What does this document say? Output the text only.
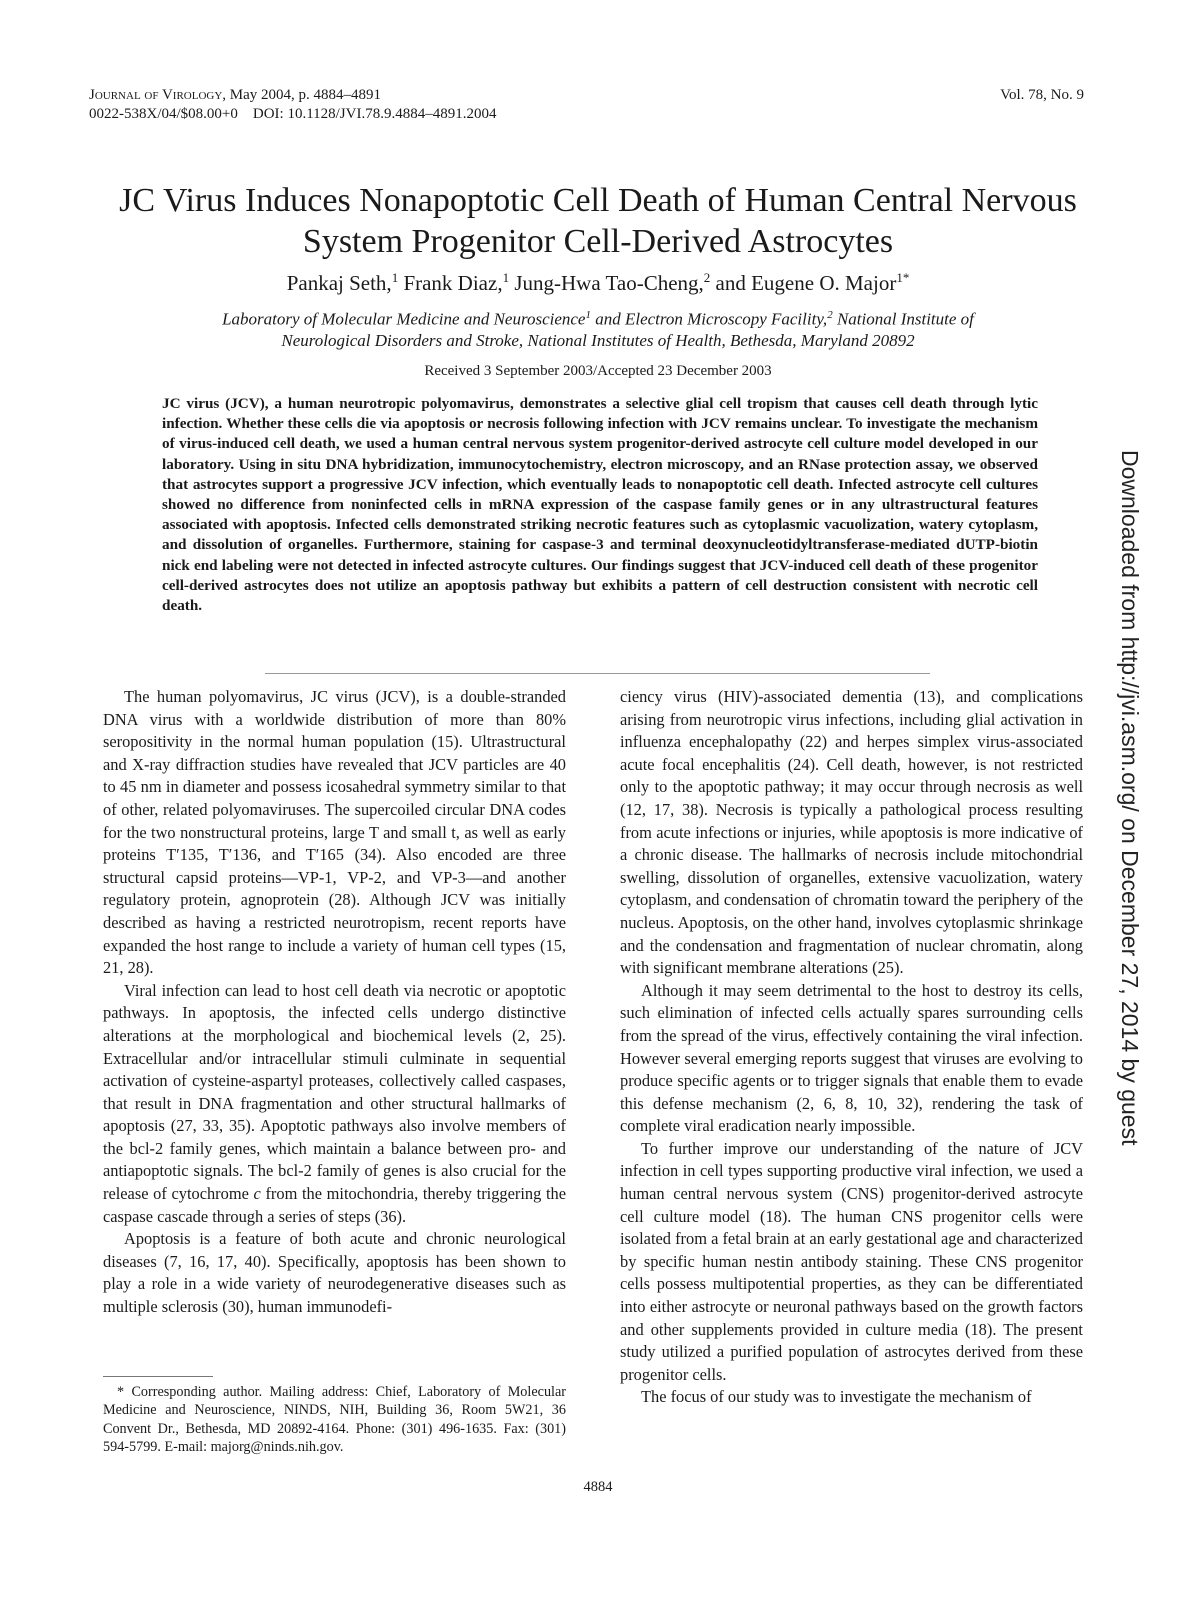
Journal of Virology, May 2004, p. 4884–4891
0022-538X/04/$08.00+0    DOI: 10.1128/JVI.78.9.4884–4891.2004
Vol. 78, No. 9
JC Virus Induces Nonapoptotic Cell Death of Human Central Nervous
System Progenitor Cell-Derived Astrocytes
Pankaj Seth,$^1$ Frank Diaz,$^1$ Jung-Hwa Tao-Cheng,$^2$ and Eugene O. Major$^{1*}$
Laboratory of Molecular Medicine and Neuroscience$^1$ and Electron Microscopy Facility,$^2$ National Institute of
Neurological Disorders and Stroke, National Institutes of Health, Bethesda, Maryland 20892
Received 3 September 2003/Accepted 23 December 2003
JC virus (JCV), a human neurotropic polyomavirus, demonstrates a selective glial cell tropism that causes cell death through lytic infection. Whether these cells die via apoptosis or necrosis following infection with JCV remains unclear. To investigate the mechanism of virus-induced cell death, we used a human central nervous system progenitor-derived astrocyte cell culture model developed in our laboratory. Using in situ DNA hybridization, immunocytochemistry, electron microscopy, and an RNase protection assay, we observed that astrocytes support a progressive JCV infection, which eventually leads to nonapoptotic cell death. Infected astrocyte cell cultures showed no difference from noninfected cells in mRNA expression of the caspase family genes or in any ultrastructural features associated with apoptosis. Infected cells demonstrated striking necrotic features such as cytoplasmic vacuolization, watery cytoplasm, and dissolution of organelles. Furthermore, staining for caspase-3 and terminal deoxynucleotidyltransferase-mediated dUTP-biotin nick end labeling were not detected in infected astrocyte cultures. Our findings suggest that JCV-induced cell death of these progenitor cell-derived astrocytes does not utilize an apoptosis pathway but exhibits a pattern of cell destruction consistent with necrotic cell death.

The human polyomavirus, JC virus (JCV), is a double-stranded DNA virus with a worldwide distribution of more than 80% seropositivity in the normal human population (15). Ultrastructural and X-ray diffraction studies have revealed that JCV particles are 40 to 45 nm in diameter and possess icosahedral symmetry similar to that of other, related polyomaviruses. The supercoiled circular DNA codes for the two nonstructural proteins, large T and small t, as well as early proteins T′135, T′136, and T′165 (34). Also encoded are three structural capsid proteins—VP-1, VP-2, and VP-3—and another regulatory protein, agnoprotein (28). Although JCV was initially described as having a restricted neurotropism, recent reports have expanded the host range to include a variety of human cell types (15, 21, 28).

Viral infection can lead to host cell death via necrotic or apoptotic pathways. In apoptosis, the infected cells undergo distinctive alterations at the morphological and biochemical levels (2, 25). Extracellular and/or intracellular stimuli culminate in sequential activation of cysteine-aspartyl proteases, collectively called caspases, that result in DNA fragmentation and other structural hallmarks of apoptosis (27, 33, 35). Apoptotic pathways also involve members of the bcl-2 family genes, which maintain a balance between pro- and antiapoptotic signals. The bcl-2 family of genes is also crucial for the release of cytochrome c from the mitochondria, thereby triggering the caspase cascade through a series of steps (36).

Apoptosis is a feature of both acute and chronic neurological diseases (7, 16, 17, 40). Specifically, apoptosis has been shown to play a role in a wide variety of neurodegenerative diseases such as multiple sclerosis (30), human immunodefi-

ciency virus (HIV)-associated dementia (13), and complications arising from neurotropic virus infections, including glial activation in influenza encephalopathy (22) and herpes simplex virus-associated acute focal encephalitis (24). Cell death, however, is not restricted only to the apoptotic pathway; it may occur through necrosis as well (12, 17, 38). Necrosis is typically a pathological process resulting from acute infections or injuries, while apoptosis is more indicative of a chronic disease. The hallmarks of necrosis include mitochondrial swelling, dissolution of organelles, extensive vacuolization, watery cytoplasm, and condensation of chromatin toward the periphery of the nucleus. Apoptosis, on the other hand, involves cytoplasmic shrinkage and the condensation and fragmentation of nuclear chromatin, along with significant membrane alterations (25).

Although it may seem detrimental to the host to destroy its cells, such elimination of infected cells actually spares surrounding cells from the spread of the virus, effectively containing the viral infection. However several emerging reports suggest that viruses are evolving to produce specific agents or to trigger signals that enable them to evade this defense mechanism (2, 6, 8, 10, 32), rendering the task of complete viral eradication nearly impossible.

To further improve our understanding of the nature of JCV infection in cell types supporting productive viral infection, we used a human central nervous system (CNS) progenitor-derived astrocyte cell culture model (18). The human CNS progenitor cells were isolated from a fetal brain at an early gestational age and characterized by specific human nestin antibody staining. These CNS progenitor cells possess multipotential properties, as they can be differentiated into either astrocyte or neuronal pathways based on the growth factors and other supplements provided in culture media (18). The present study utilized a purified population of astrocytes derived from these progenitor cells.

The focus of our study was to investigate the mechanism of

* Corresponding author. Mailing address: Chief, Laboratory of Molecular Medicine and Neuroscience, NINDS, NIH, Building 36, Room 5W21, 36 Convent Dr., Bethesda, MD 20892-4164. Phone: (301) 496-1635. Fax: (301) 594-5799. E-mail: majorg@ninds.nih.gov.
4884
Downloaded from http://jvi.asm.org/ on December 27, 2014 by guest
